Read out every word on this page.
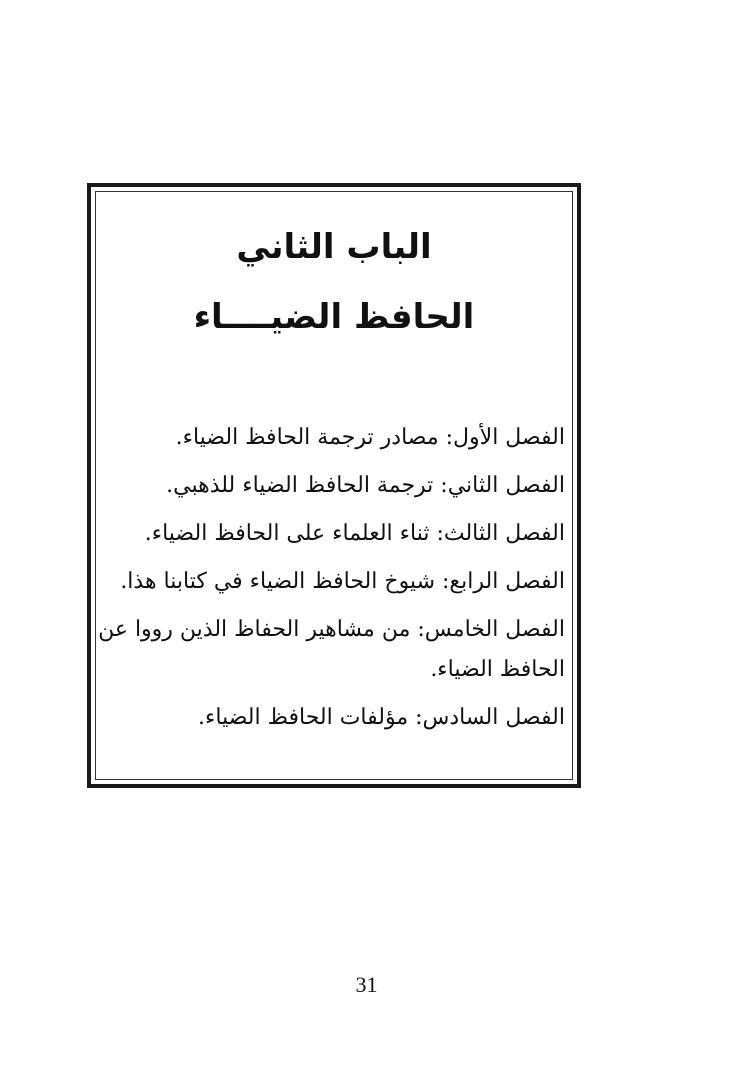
الباب الثاني
الحافظ الضيــــاء
الفصل الأول: مصادر ترجمة الحافظ الضياء.
الفصل الثاني: ترجمة الحافظ الضياء للذهبي.
الفصل الثالث: ثناء العلماء على الحافظ الضياء.
الفصل الرابع: شيوخ الحافظ الضياء في كتابنا هذا.
الفصل الخامس: من مشاهير الحفاظ الذين رووا عن الحافظ الضياء.
الفصل السادس: مؤلفات الحافظ الضياء.
31
